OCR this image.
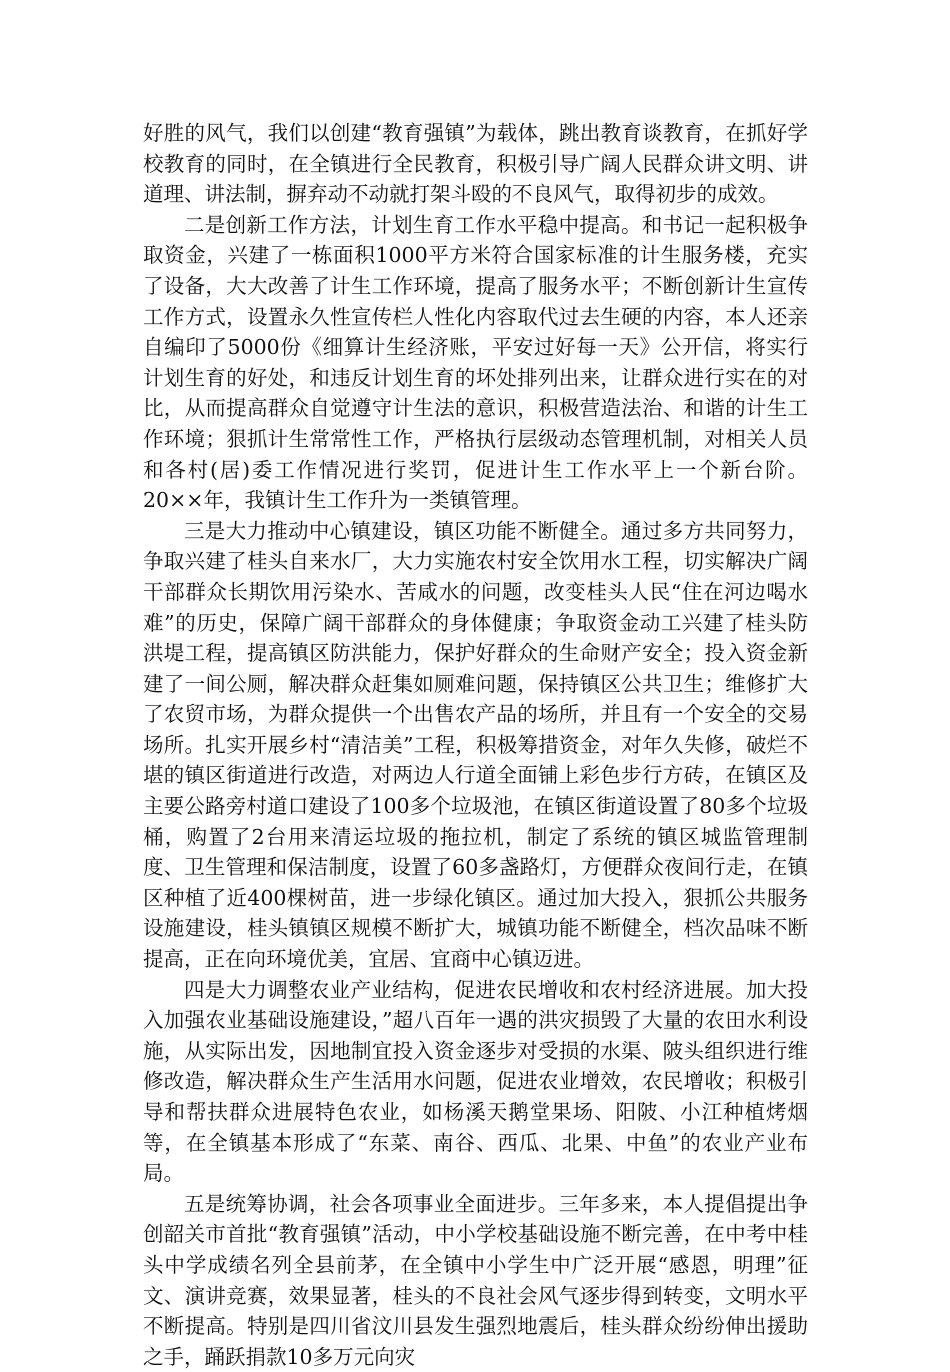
好胜的风气，我们以创建“教育强镇”为载体，跳出教育谈教育，在抓好学校教育的同时，在全镇进行全民教育，积极引导广阔人民群众讲文明、讲道理、讲法制，摒弃动不动就打架斗殴的不良风气，取得初步的成效。

二是创新工作方法，计划生育工作水平稳中提高。和书记一起积极争取资金，兴建了一栋面积1000平方米符合国家标准的计生服务楼，充实了设备，大大改善了计生工作环境，提高了服务水平；不断创新计生宣传工作方式，设置永久性宣传栏人性化内容取代过去生硬的内容，本人还亲自编印了5000份《细算计生经济账，平安过好每一天》公开信，将实行计划生育的好处，和违反计划生育的坏处排列出来，让群众进行实在的对比，从而提高群众自觉遵守计生法的意识，积极营造法治、和谐的计生工作环境；狠抓计生常常性工作，严格执行层级动态管理机制，对相关人员和各村(居)委工作情况进行奖罚，促进计生工作水平上一个新台阶。20××年，我镇计生工作升为一类镇管理。

三是大力推动中心镇建设，镇区功能不断健全。通过多方共同努力，争取兴建了桂头自来水厂，大力实施农村安全饮用水工程，切实解决广阔干部群众长期饮用污染水、苦咸水的问题，改变桂头人民“住在河边喝水难”的历史，保障广阔干部群众的身体健康；争取资金动工兴建了桂头防洪堤工程，提高镇区防洪能力，保护好群众的生命财产安全；投入资金新建了一间公厕，解决群众赶集如厕难问题，保持镇区公共卫生；维修扩大了农贸市场，为群众提供一个出售农产品的场所，并且有一个安全的交易场所。扎实开展乡村“清洁美”工程，积极筹措资金，对年久失修，破烂不堪的镇区街道进行改造，对两边人行道全面铺上彩色步行方砖，在镇区及主要公路旁村道口建设了100多个垃圾池，在镇区街道设置了80多个垃圾桶，购置了2台用来清运垃圾的拖拉机，制定了系统的镇区城监管理制度、卫生管理和保洁制度，设置了60多盏路灯，方便群众夜间行走，在镇区种植了近400棵树苗，进一步绿化镇区。通过加大投入，狠抓公共服务设施建设，桂头镇镇区规模不断扩大，城镇功能不断健全，档次品味不断提高，正在向环境优美，宜居、宜商中心镇迈进。

四是大力调整农业产业结构，促进农民增收和农村经济进展。加大投入加强农业基础设施建设，”超八百年一遇的洪灾损毁了大量的农田水利设施，从实际出发，因地制宜投入资金逐步对受损的水渠、陂头组织进行维修改造，解决群众生产生活用水问题，促进农业增效，农民增收；积极引导和帮扶群众进展特色农业，如杨溪天鹅堂果场、阳陂、小江种植烤烟等，在全镇基本形成了“东菜、南谷、西瓜、北果、中鱼”的农业产业布局。

五是统筹协调，社会各项事业全面进步。三年多来，本人提倡提出争创韶关市首批“教育强镇”活动，中小学校基础设施不断完善，在中考中桂头中学成绩名列全县前茅，在全镇中小学生中广泛开展“感恩，明理”征文、演讲竞赛，效果显著，桂头的不良社会风气逐步得到转变，文明水平不断提高。特别是四川省汶川县发生强烈地震后，桂头群众纷纷伸出援助之手，踊跃捐款10多万元向灾
